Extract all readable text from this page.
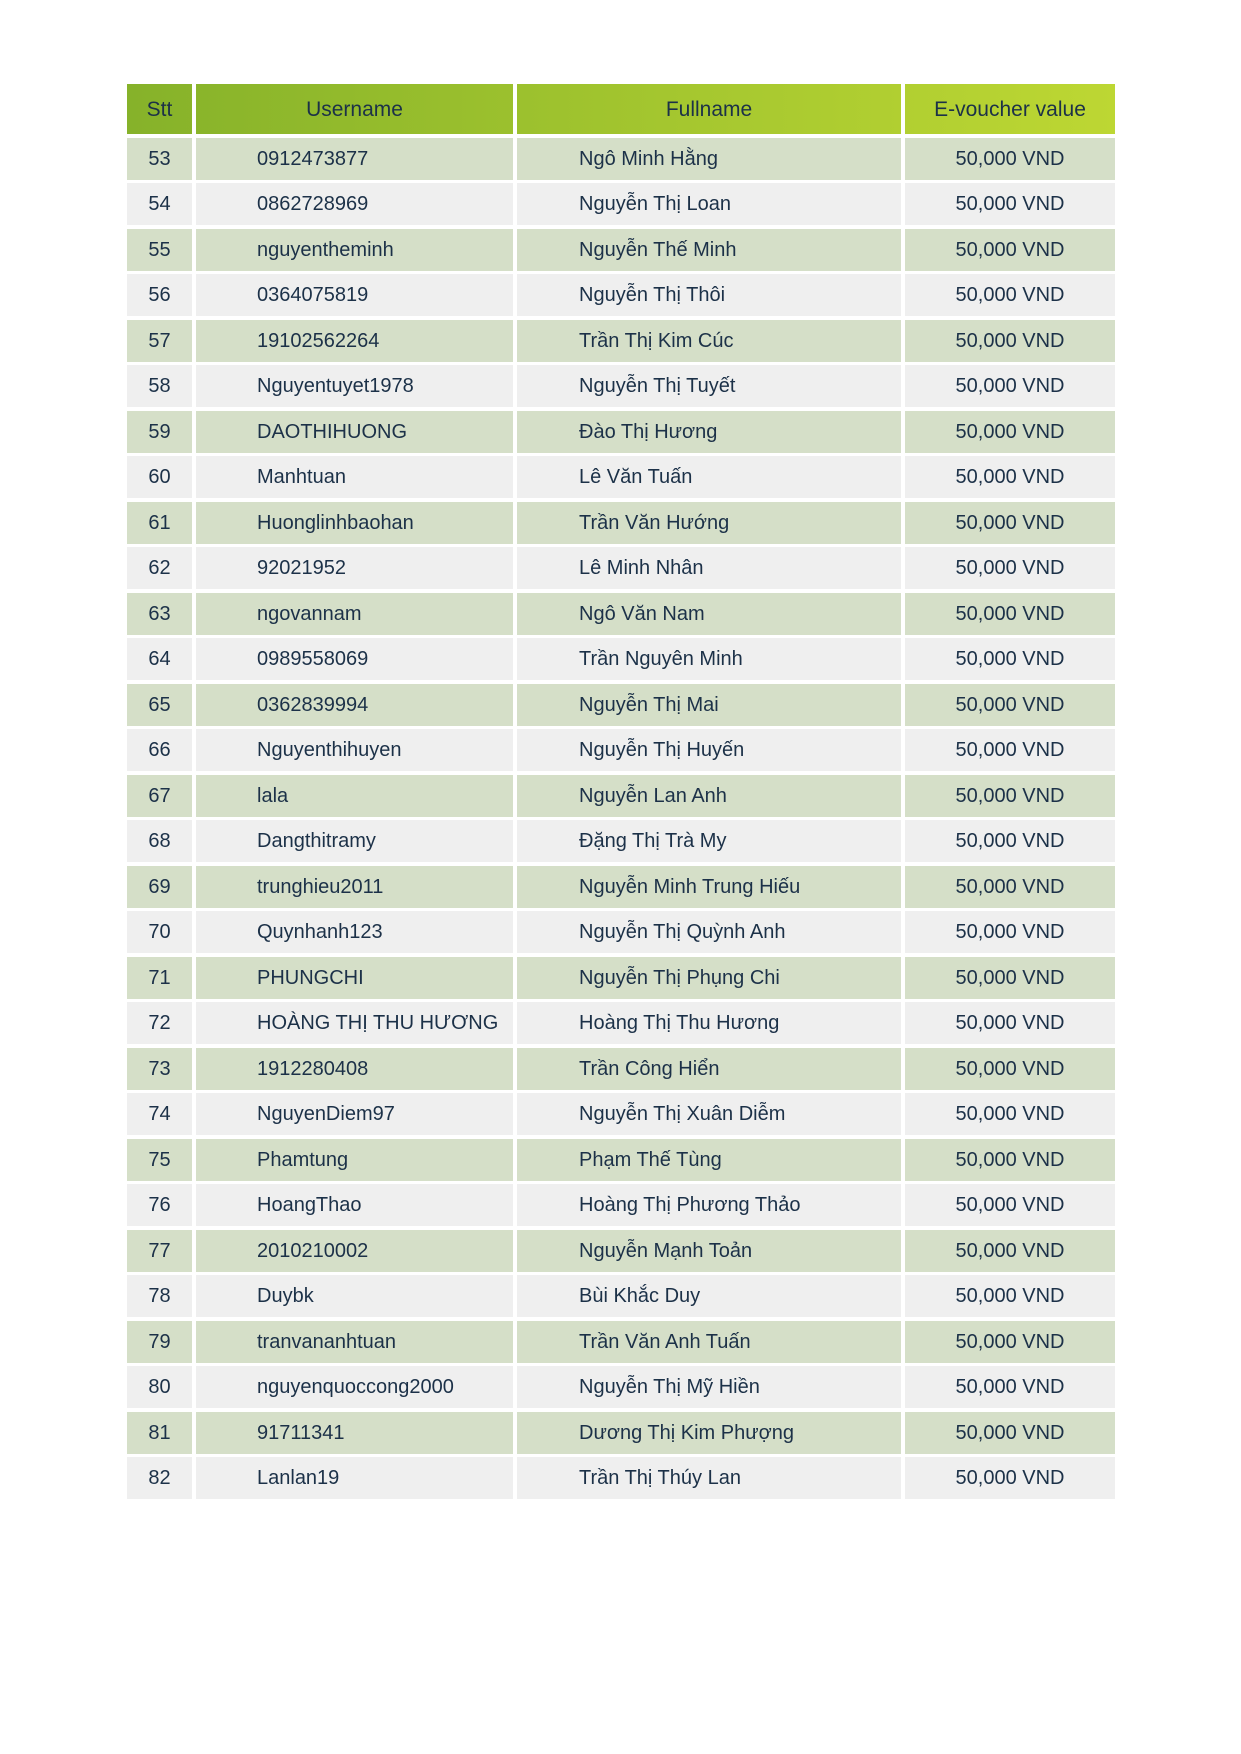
Stt	Username	Fullname	E-voucher value
53	0912473877	Ngô Minh Hằng	50,000 VND
54	0862728969	Nguyễn Thị Loan	50,000 VND
55	nguyentheminh	Nguyễn Thế Minh	50,000 VND
56	0364075819	Nguyễn Thị Thôi	50,000 VND
57	19102562264	Trần Thị Kim Cúc	50,000 VND
58	Nguyentuyet1978	Nguyễn Thị Tuyết	50,000 VND
59	DAOTHIHUONG	Đào Thị Hương	50,000 VND
60	Manhtuan	Lê Văn Tuấn	50,000 VND
61	Huonglinhbaohan	Trần Văn Hướng	50,000 VND
62	92021952	Lê Minh Nhân	50,000 VND
63	ngovannam	Ngô Văn Nam	50,000 VND
64	0989558069	Trần Nguyên Minh	50,000 VND
65	0362839994	Nguyễn Thị Mai	50,000 VND
66	Nguyenthihuyen	Nguyễn Thị Huyến	50,000 VND
67	lala	Nguyễn Lan Anh	50,000 VND
68	Dangthitramy	Đặng Thị Trà My	50,000 VND
69	trunghieu2011	Nguyễn Minh Trung Hiếu	50,000 VND
70	Quynhanh123	Nguyễn Thị Quỳnh Anh	50,000 VND
71	PHUNGCHI	Nguyễn Thị Phụng Chi	50,000 VND
72	HOÀNG THỊ THU HƯƠNG	Hoàng Thị Thu Hương	50,000 VND
73	1912280408	Trần Công Hiển	50,000 VND
74	NguyenDiem97	Nguyễn Thị Xuân Diễm	50,000 VND
75	Phamtung	Phạm Thế Tùng	50,000 VND
76	HoangThao	Hoàng Thị Phương Thảo	50,000 VND
77	2010210002	Nguyễn Mạnh Toản	50,000 VND
78	Duybk	Bùi Khắc Duy	50,000 VND
79	tranvananhtuan	Trần Văn Anh Tuấn	50,000 VND
80	nguyenquoccong2000	Nguyễn Thị Mỹ Hiền	50,000 VND
81	91711341	Dương Thị Kim Phượng	50,000 VND
82	Lanlan19	Trần Thị Thúy Lan	50,000 VND
